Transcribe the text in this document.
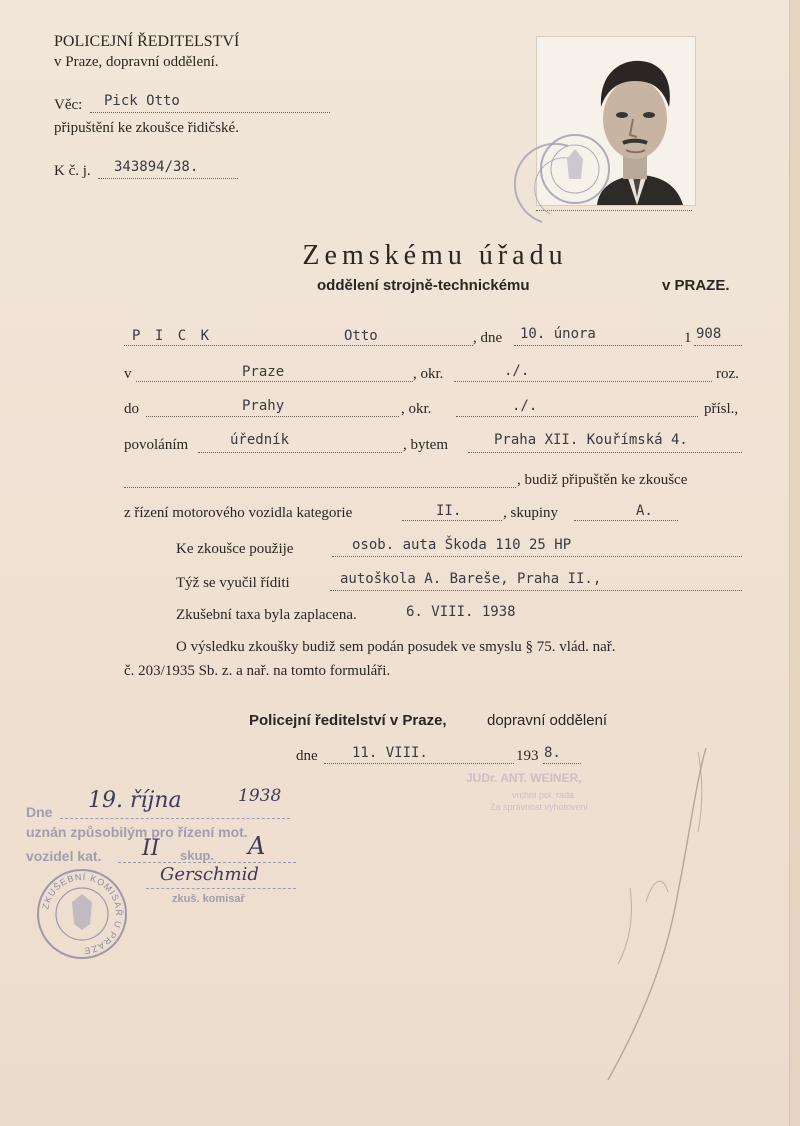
POLICEJNÍ ŘEDITELSTVÍ
v Praze, dopravní oddělení.
Věc: Pick Otto
připuštění ke zkoušce řidičské.
K č. j. 343894/38.
Zemskému úřadu
oddělení strojně-technickému	v PRAZE.
P I C K	Otto	, dne 10. února	1 908
v	Praze	, okr.	./.	roz.
do	Prahy	, okr.	./.	přísl.,
povoláním	úředník	, bytem	Praha XII. Kouřímská 4.
, budiž připuštěn ke zkoušce
z řízení motorového vozidla kategorie	II.	, skupiny	A.
Ke zkoušce použije	osob. auta Škoda 110 25 HP
Týž se vyučil říditi	autoškola A. Bareše, Praha II.,
Zkušební taxa byla zaplacena.	6. VIII. 1938
O výsledku zkoušky budiž sem podán posudek ve smyslu § 75. vlád. nař.
č. 203/1935 Sb. z. a nař. na tomto formuláři.
Policejní ředitelství v Praze,	dopravní oddělení
dne 11. VIII.	193 8.
JUDr. ANT. WEINER,
vrchní pol. rada
Za správnost vyhotovení
Dne 19. října	1938
uznán způsobilým pro řízení mot.
vozidel kat. II skup. A
Gerschmid
zkuš. komisař
ZKUŠEBNÍ KOMISAŘ U PRAZE
